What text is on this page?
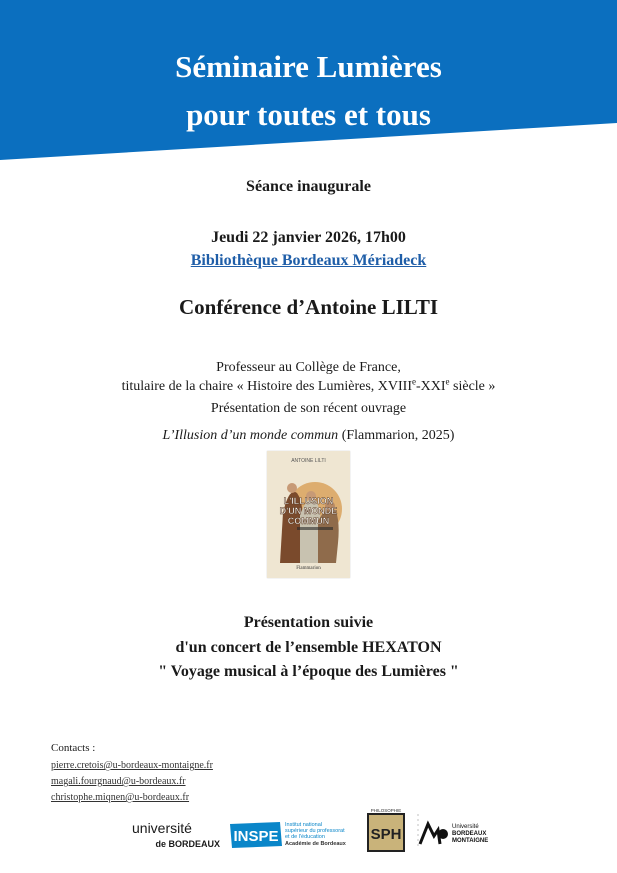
Séminaire Lumières
pour toutes et tous
Séance inaugurale
Jeudi 22 janvier 2026, 17h00
Bibliothèque Bordeaux Mériadeck
Conférence d’Antoine LILTI
Professeur au Collège de France,
titulaire de la chaire « Histoire des Lumières, XVIIIe-XXIe siècle »
Présentation de son récent ouvrage
L’Illusion d’un monde commun (Flammarion, 2025)
ANTOINE LILTI
L'ILLUSION
D'UN MONDE
COMMUN
Flammarion
Présentation suivie
d'un concert de l’ensemble HEXATON
" Voyage musical à l’époque des Lumières "
Contacts :
pierre.cretois@u-bordeaux-montaigne.fr
magali.fourgnaud@u-bordeaux.fr
christophe.miqnen@u-bordeaux.fr
université
de BORDEAUX INSPE
Institut national
supérieur du professorat
et de l'éducation
Académie de Bordeaux
PHILOSOPHIE
SPH	Université
BORDEAUX
MONTAIGNE
